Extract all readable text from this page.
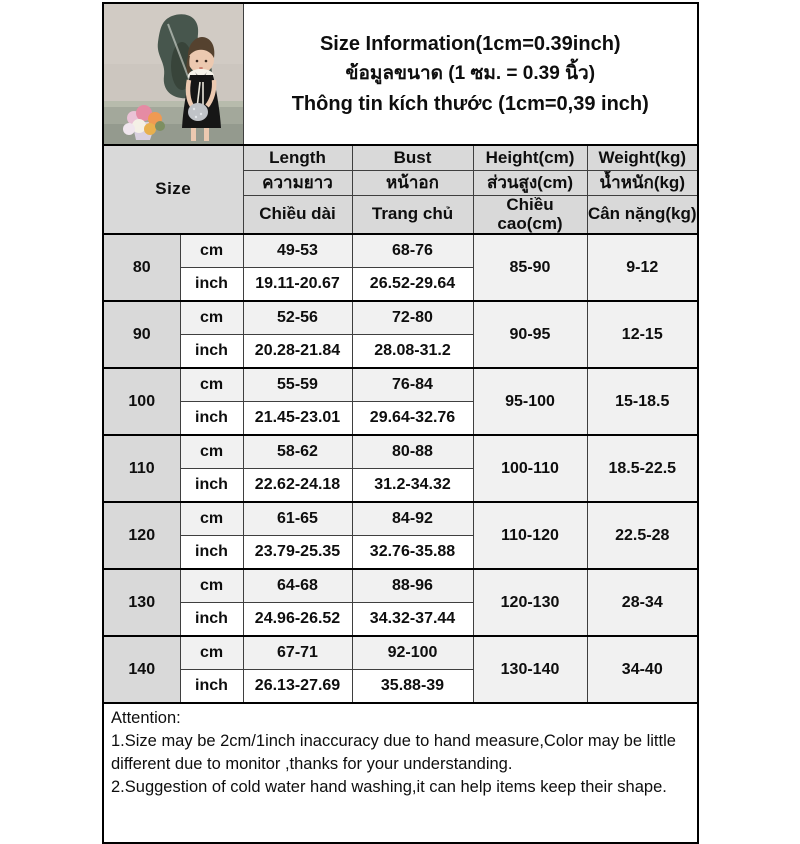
Size Information(1cm=0.39inch)
ข้อมูลขนาด (1 ซม. = 0.39 นิ้ว)
Thông tin kích thước (1cm=0,39 inch)			

Size		Length	Bust	Height(cm)	Weight(kg)
		ความยาว	หน้าอก	ส่วนสูง(cm)	น้ำหนัก(kg)
		Chiều dài	Trang chủ	Chiều cao(cm)	Cân nặng(kg)
80	cm	49-53	68-76	85-90	9-12
	inch	19.11-20.67	26.52-29.64		
90	cm	52-56	72-80	90-95	12-15
	inch	20.28-21.84	28.08-31.2		
100	cm	55-59	76-84	95-100	15-18.5
	inch	21.45-23.01	29.64-32.76		
110	cm	58-62	80-88	100-110	18.5-22.5
	inch	22.62-24.18	31.2-34.32		
120	cm	61-65	84-92	110-120	22.5-28
	inch	23.79-25.35	32.76-35.88		
130	cm	64-68	88-96	120-130	28-34
	inch	24.96-26.52	34.32-37.44		
140	cm	67-71	92-100	130-140	34-40
	inch	26.13-27.69	35.88-39		

Attention:
1.Size may be 2cm/1inch inaccuracy due to hand measure,Color may be little different due to monitor ,thanks for your understanding.
2.Suggestion of cold water hand washing,it can help items keep their shape.					
